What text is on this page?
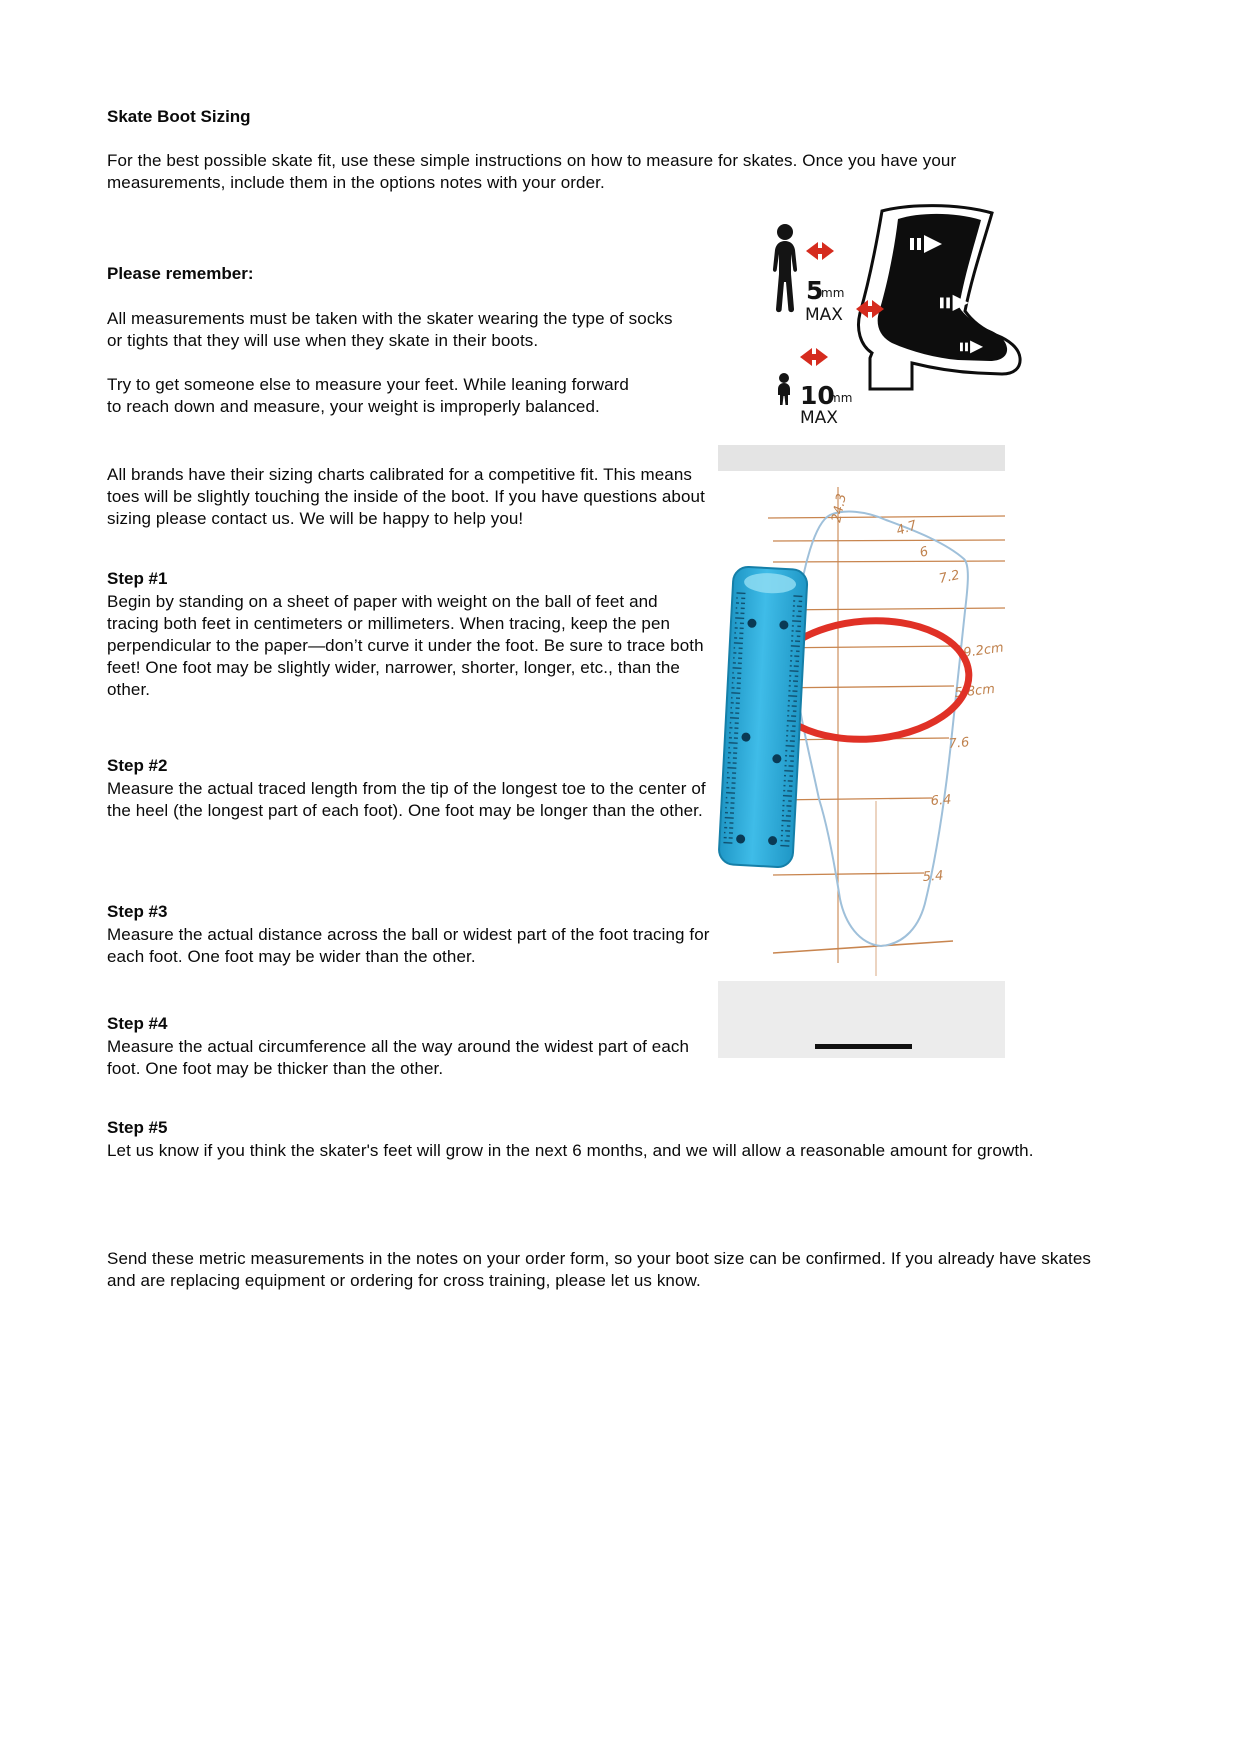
Skate Boot Sizing

For the best possible skate fit, use these simple instructions on how to measure for skates. Once you have your measurements, include them in the options notes with your order.

Please remember:

All measurements must be taken with the skater wearing the type of socks or tights that they will use when they skate in their boots.

Try to get someone else to measure your feet. While leaning forward to reach down and measure, your weight is improperly balanced.

All brands have their sizing charts calibrated for a competitive fit. This means toes will be slightly touching the inside of the boot. If you have questions about sizing please contact us. We will be happy to help you!

Step #1

Begin by standing on a sheet of paper with weight on the ball of feet and tracing both feet in centimeters or millimeters. When tracing, keep the pen perpendicular to the paper—don’t curve it under the foot. Be sure to trace both feet! One foot may be slightly wider, narrower, shorter, longer, etc., than the other.

Step #2

Measure the actual traced length from the tip of the longest toe to the center of the heel (the longest part of each foot). One foot may be longer than the other.

Step #3

Measure the actual distance across the ball or widest part of the foot tracing for each foot. One foot may be wider than the other.

Step #4

Measure the actual circumference all the way around the widest part of each foot. One foot may be thicker than the other.

Step #5

Let us know if you think the skater's feet will grow in the next 6 months, and we will allow a reasonable amount for growth.

Send these metric measurements in the notes on your order form, so your boot size can be confirmed. If you already have skates and are replacing equipment or ordering for cross training, please let us know.

5
mm
MAX
10
mm
MAX
24.3
4.7
6
7.2
9.2cm
5.8cm
7.6
6.4
5.4
